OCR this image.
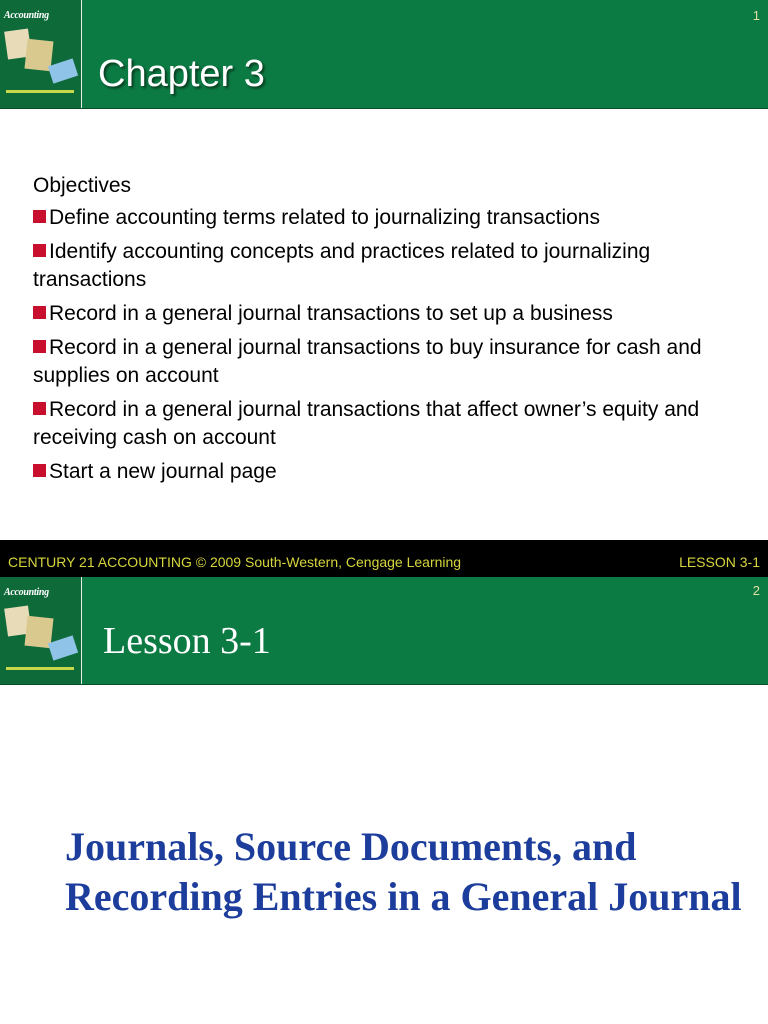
Accounting	1
Chapter 3
Objectives
Define accounting terms related to journalizing transactions
Identify accounting concepts and practices related to journalizing transactions
Record in a general journal transactions to set up a business
Record in a general journal transactions to buy insurance for cash and supplies on account
Record in a general journal transactions that affect owner’s equity and receiving cash on account
Start a new journal page
CENTURY 21 ACCOUNTING © 2009 South-Western, Cengage Learning	LESSON 3-1
Accounting	2
Lesson 3-1
Journals, Source Documents, and Recording Entries in a General Journal
